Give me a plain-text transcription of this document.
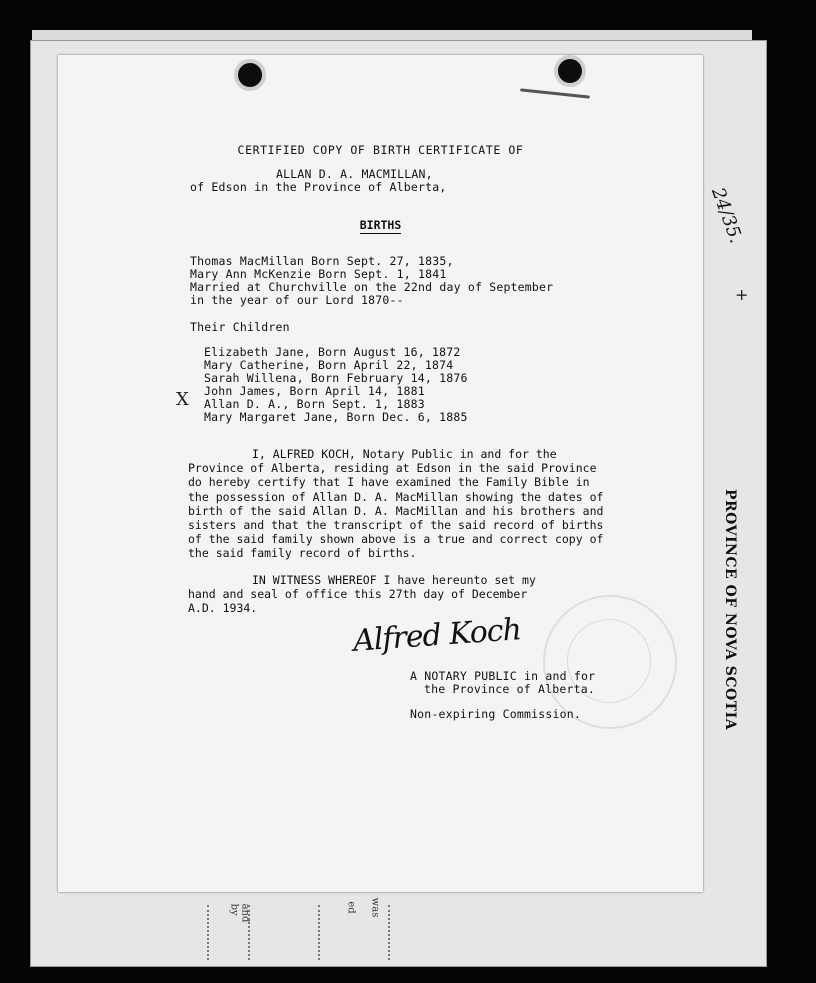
PROVINCE OF NOVA SCOTIA
24/35.
+
and by	ed was
CERTIFIED COPY OF BIRTH CERTIFICATE OF
ALLAN D. A. MACMILLAN,
of Edson in the Province of Alberta,
BIRTHS
Thomas MacMillan Born Sept. 27, 1835,
Mary Ann McKenzie Born Sept. 1, 1841
Married at Churchville on the 22nd day of September
in the year of our Lord 1870--
Their Children
Elizabeth Jane, Born August 16, 1872
Mary Catherine, Born April 22, 1874
Sarah Willena, Born February 14, 1876
John James, Born April 14, 1881
Allan D. A., Born Sept. 1, 1883
Mary Margaret Jane, Born Dec. 6, 1885
X
I, ALFRED KOCH, Notary Public in and for the Province of Alberta, residing at Edson in the said Province do hereby certify that I have examined the Family Bible in the possession of Allan D. A. MacMillan showing the dates of birth of the said Allan D. A. MacMillan and his brothers and sisters and that the transcript of the said record of births of the said family shown above is a true and correct copy of the said family record of births.
IN WITNESS WHEREOF I have hereunto set my hand and seal of office this 27th day of December A.D. 1934.
Alfred Koch
A NOTARY PUBLIC in and for
the Province of Alberta.
Non-expiring Commission.
